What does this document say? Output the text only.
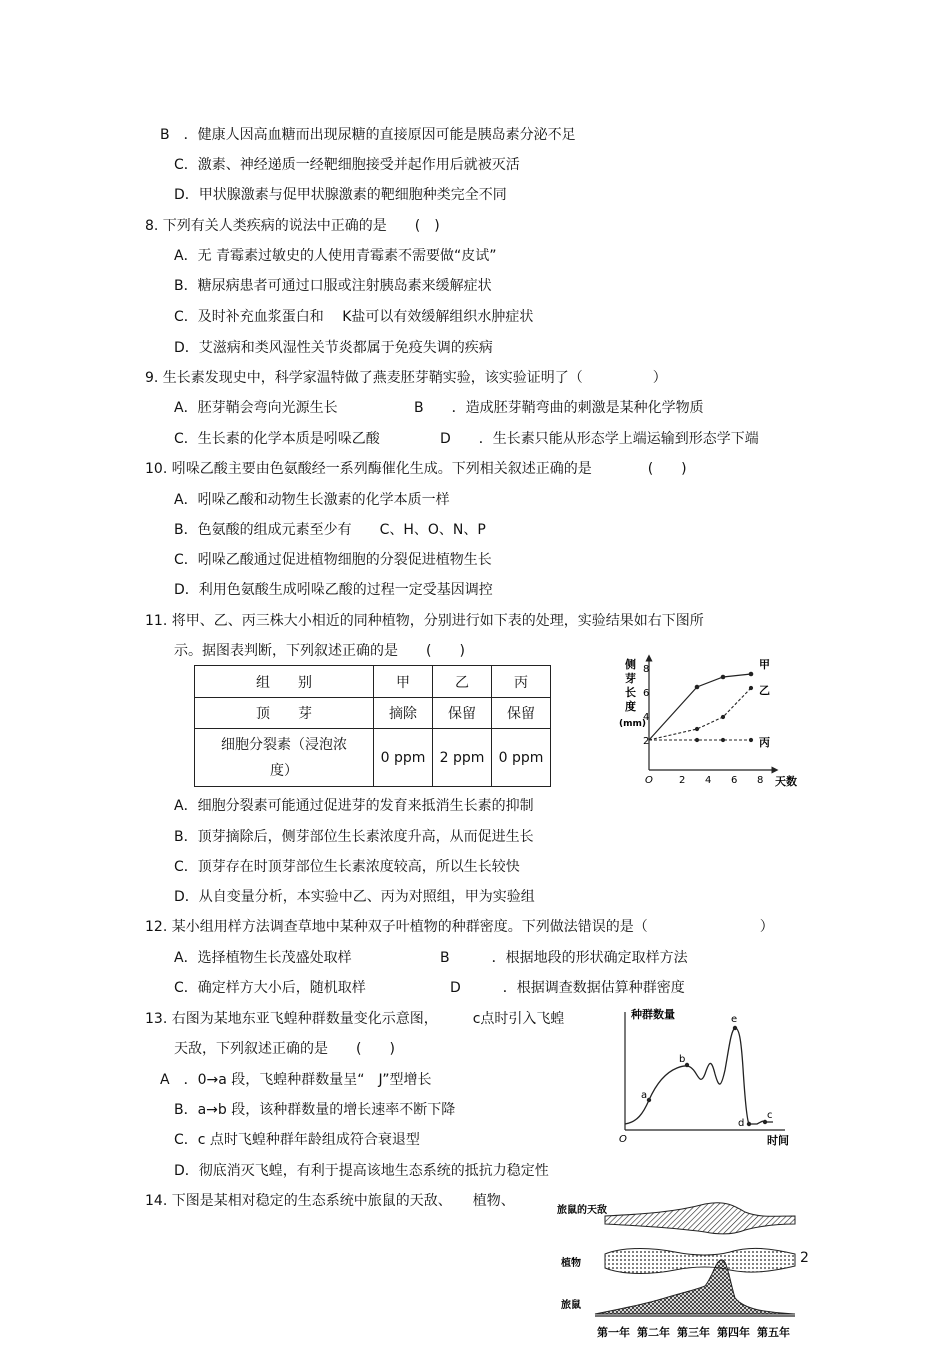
B　．健康人因高血糖而出现尿糖的直接原因可能是胰岛素分泌不足
C．激素、神经递质一经靶细胞接受并起作用后就被灭活
D．甲状腺激素与促甲状腺激素的靶细胞种类完全不同
8. 下列有关人类疾病的说法中正确的是　　(　)
A．无 青霉素过敏史的人使用青霉素不需要做“皮试”
B．糖尿病患者可通过口服或注射胰岛素来缓解症状
C．及时补充血浆蛋白和　 K盐可以有效缓解组织水肿症状
D．艾滋病和类风湿性关节炎都属于免疫失调的疾病
9. 生长素发现史中，科学家温特做了燕麦胚芽鞘实验，该实验证明了（　　　　　）
A．胚芽鞘会弯向光源生长	B　　．造成胚芽鞘弯曲的刺激是某种化学物质
C．生长素的化学本质是吲哚乙酸	D　　．生长素只能从形态学上端运输到形态学下端
10. 吲哚乙酸主要由色氨酸经一系列酶催化生成。下列相关叙述正确的是　　　　(　　)
A．吲哚乙酸和动物生长激素的化学本质一样
B．色氨酸的组成元素至少有　　C、H、O、N、P
C．吲哚乙酸通过促进植物细胞的分裂促进植物生长
D．利用色氨酸生成吲哚乙酸的过程一定受基因调控
11. 将甲、乙、丙三株大小相近的同种植物，分别进行如下表的处理，实验结果如右下图所
示。据图表判断，下列叙述正确的是　　(　　)
组　　别	甲	乙	丙
顶　　芽	摘除	保留	保留
细胞分裂素（浸泡浓
度）	0 ppm	2 ppm	0 ppm
侧
芽
长
度
(mm)
2
4
6
8
O	2 4 6 8 天数
甲
乙
丙
A．细胞分裂素可能通过促进芽的发育来抵消生长素的抑制
B．顶芽摘除后，侧芽部位生长素浓度升高，从而促进生长
C．顶芽存在时顶芽部位生长素浓度较高，所以生长较快
D．从自变量分析，本实验中乙、丙为对照组，甲为实验组
12. 某小组用样方法调查草地中某种双子叶植物的种群密度。下列做法错误的是（　　　　　　　　）
A．选择植物生长茂盛处取样	B　　　．根据地段的形状确定取样方法
C．确定样方大小后，随机取样	D　　　．根据调查数据估算种群密度
13. 右图为某地东亚飞蝗种群数量变化示意图，　　　c点时引入飞蝗
天敌，下列叙述正确的是　　(　　)
A　．0→a 段，飞蝗种群数量呈“　J”型增长
B．a→b 段，该种群数量的增长速率不断下降
C．c 点时飞蝗种群年龄组成符合衰退型
D．彻底消灭飞蝗，有利于提高该地生态系统的抵抗力稳定性
种群数量
O	时间
a
b
e
d
c
14. 下图是某相对稳定的生态系统中旅鼠的天敌、　　植物、
旅鼠的天敌
植物
旅鼠
第一年 第二年 第三年 第四年 第五年
2
